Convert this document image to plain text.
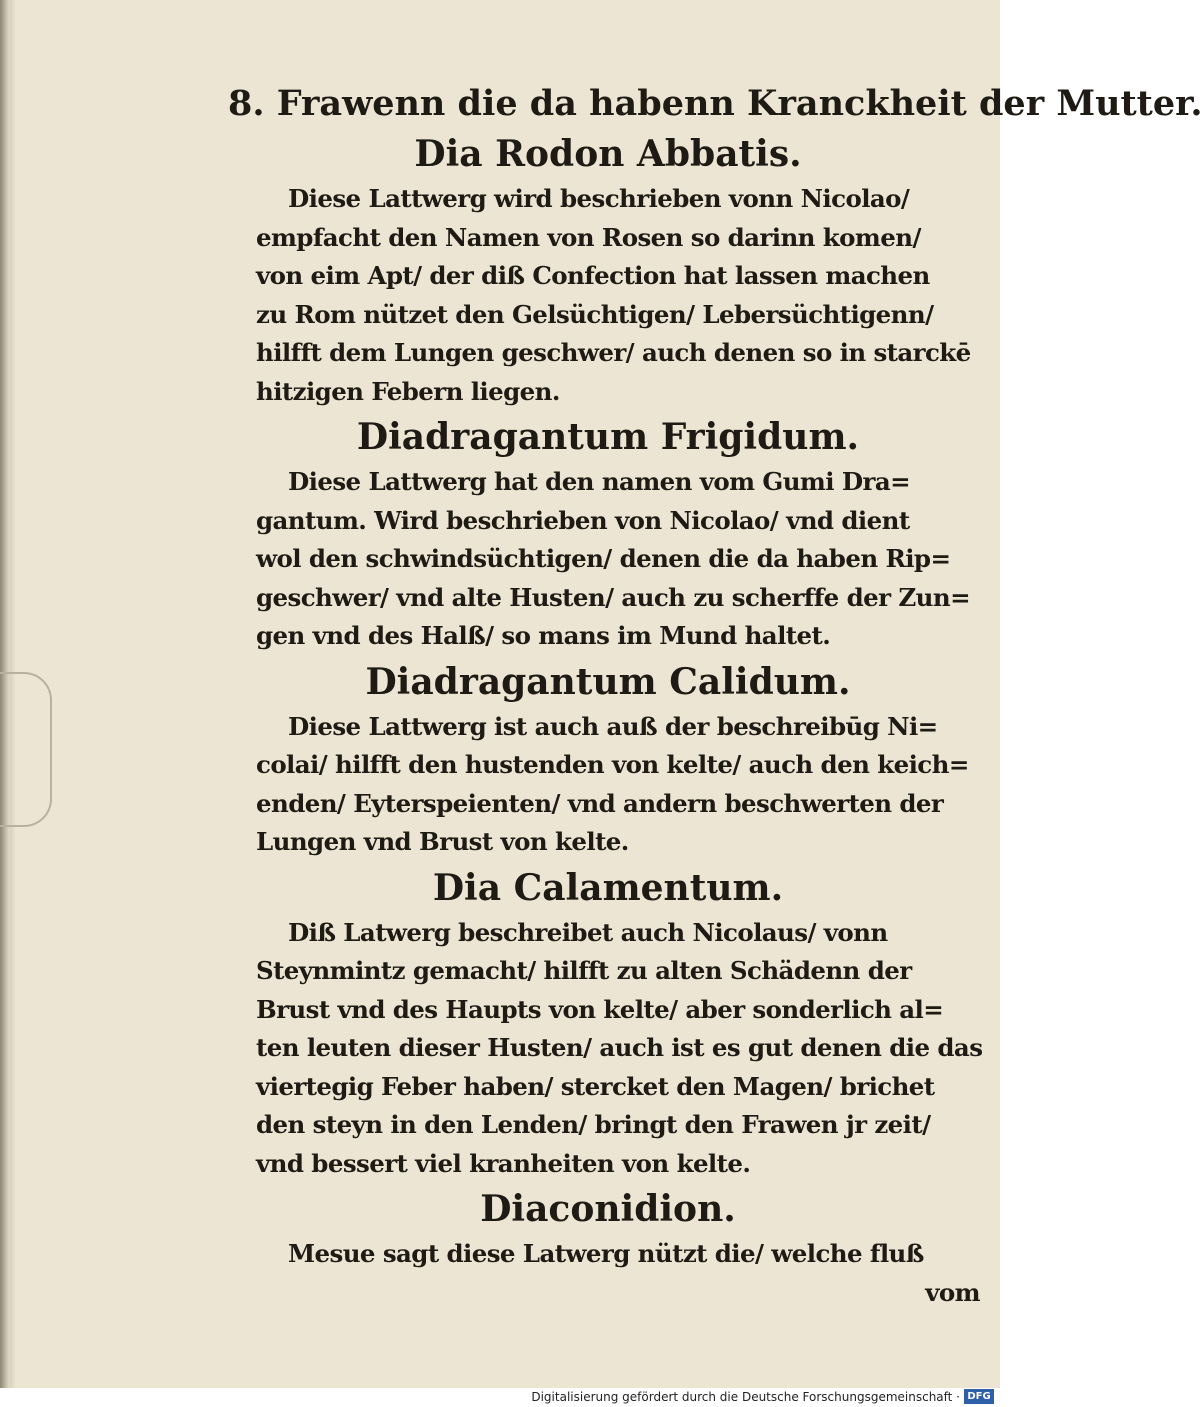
8. Frawenn die da habenn Kranckheit der Mutter.
Dia Rodon Abbatis.
Diese Lattwerg wird beschrieben vonn Nicolao/
empfacht den Namen von Rosen so darinn komen/
von eim Apt/ der diß Confection hat lassen machen
zu Rom nützet den Gelsüchtigen/ Lebersüchtigenn/
hilfft dem Lungen geschwer/ auch denen so in starckē
hitzigen Febern liegen.
Diadragantum Frigidum.
Diese Lattwerg hat den namen vom Gumi Dra=
gantum. Wird beschrieben von Nicolao/ vnd dient
wol den schwindsüchtigen/ denen die da haben Rip=
geschwer/ vnd alte Husten/ auch zu scherffe der Zun=
gen vnd des Halß/ so mans im Mund haltet.
Diadragantum Calidum.
Diese Lattwerg ist auch auß der beschreibūg Ni=
colai/ hilfft den hustenden von kelte/ auch den keich=
enden/ Eyterspeienten/ vnd andern beschwerten der
Lungen vnd Brust von kelte.
Dia Calamentum.
Diß Latwerg beschreibet auch Nicolaus/ vonn
Steynmintz gemacht/ hilfft zu alten Schädenn der
Brust vnd des Haupts von kelte/ aber sonderlich al=
ten leuten dieser Husten/ auch ist es gut denen die das
viertegig Feber haben/ stercket den Magen/ brichet
den steyn in den Lenden/ bringt den Frawen jr zeit/
vnd bessert viel kranheiten von kelte.
Diaconidion.
Mesue sagt diese Latwerg nützt die/ welche fluß
vom
Digitalisierung gefördert durch die Deutsche Forschungsgemeinschaft · DFG
